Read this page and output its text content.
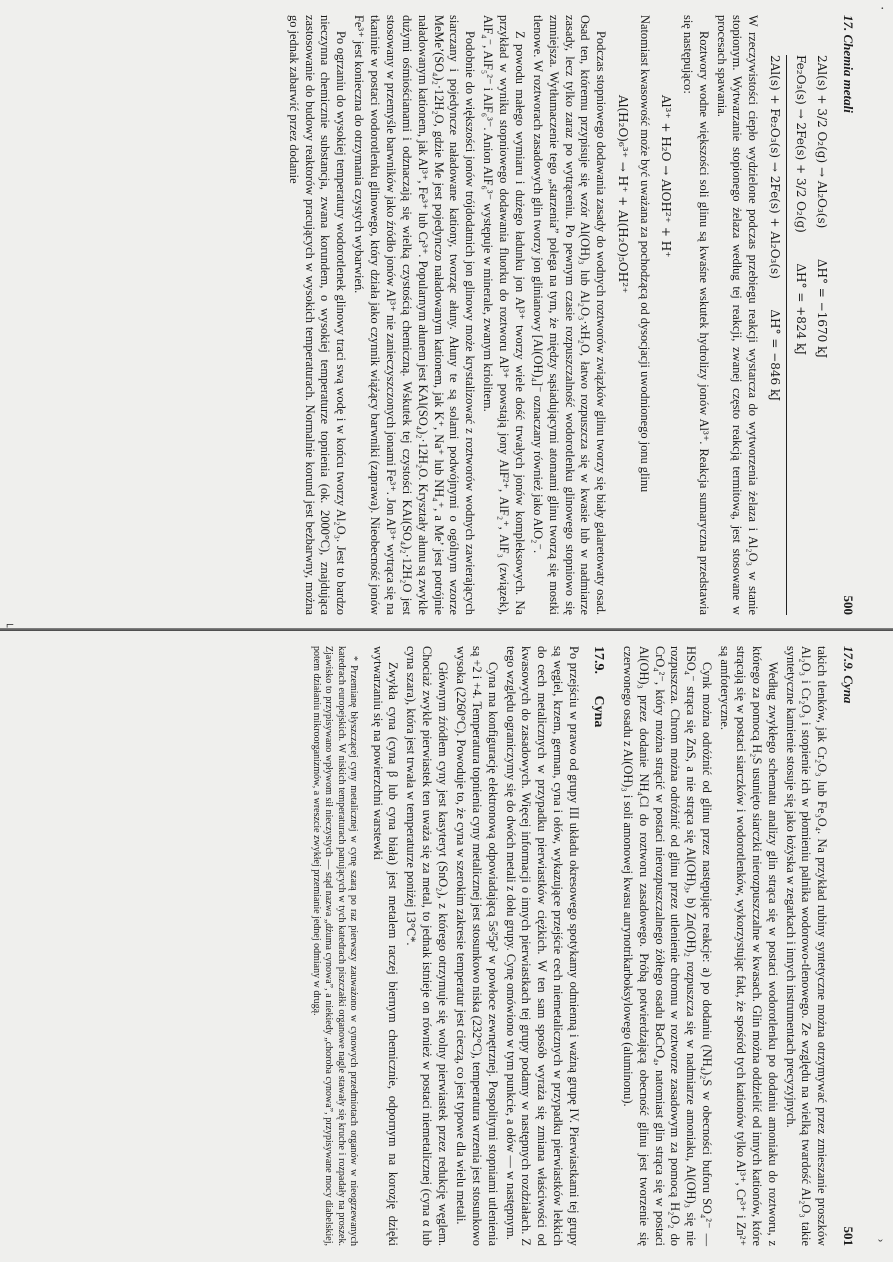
17. Chemia metali
500
2Al(s) + 3/2 O₂(g) → Al₂O₃(s)        ΔH° = −1670 kJ
Fe₂O₃(s) → 2Fe(s) + 3/2 O₂(g)        ΔH° = +824 kJ
2Al(s) + Fe₂O₃(s) → 2Fe(s) + Al₂O₃(s)        ΔH° = −846 kJ

W rzeczywistości ciepło wydzielone podczas przebiegu reakcji wystarcza do wytworzenia żelaza i Al₂O₃ w stanie stopionym. Wytwarzanie stopionego żelaza według tej reakcji, zwanej często reakcją termitową, jest stosowane w procesach spawania.

Roztwory wodne większości soli glinu są kwaśne wskutek hydrolizy jonów Al³⁺. Reakcja sumaryczna przedstawia się następująco:

Al³⁺ + H₂O → AlOH²⁺ + H⁺

Natomiast kwasowość może być uważana za pochodzącą od dysocjacji uwodnionego jonu glinu

Al(H₂O)₆³⁺ → H⁺ + Al(H₂O)₅OH²⁺

Podczas stopniowego dodawania zasady do wodnych roztworów związków glinu tworzy się biały galaretowaty osad. Osad ten, któremu przypisuje się wzór Al(OH)₃ lub Al₂O₃·xH₂O, łatwo rozpuszcza się w kwasie lub w nadmiarze zasady, lecz tylko zaraz po wytrąceniu. Po pewnym czasie rozpuszczalność wodorotlenku glinowego stopniowo się zmniejsza. Wytłumaczenie tego „starzenia” polega na tym, że między sąsiadującymi atomami glinu tworzą się mostki tlenowe. W roztworach zasadowych glin tworzy jon glinianowy [Al(OH)₄]⁻ oznaczany również jako AlO₂⁻.

Z powodu małego wymiaru i dużego ładunku jon Al³⁺ tworzy wiele dość trwałych jonów kompleksowych. Na przykład w wyniku stopniowego dodawania fluorku do roztworu Al³⁺ powstają jony AlF²⁺, AlF₂⁺, AlF₃ (związek), AlF₄⁻, AlF₅²⁻ i AlF₆³⁻. Anion AlF₆³⁻ występuje w minerale, zwanym kriolitem.

Podobnie do większości jonów trójdodatnich jon glinowy może krystalizować z roztworów wodnych zawierających siarczany i pojedyncze naładowane kationy, tworząc ałuny. Ałuny te są solami podwójnymi o ogólnym wzorze MeMe’(SO₄)₂·12H₂O, gdzie Me jest pojedynczo naładowanym kationem, jak K⁺, Na⁺ lub NH₄⁺, a Me’ jest potrójnie naładowanym kationem, jak Al³⁺, Fe³⁺ lub Cr³⁺. Popularnym ałunem jest KAl(SO₄)₂·12H₂O. Kryształy ałunu są zwykle dużymi ośmiościanami i odznaczają się wielką czystością chemiczną. Wskutek tej czystości KAl(SO₄)₂·12H₂O jest stosowany w przemyśle barwników jako źródło jonów Al³⁺ nie zanieczyszczonych jonami Fe³⁺. Jon Al³⁺ wytrąca się na tkaninie w postaci wodorotlenku glinowego, który działa jako czynnik wiążący barwniki (zaprawa). Nieobecność jonów Fe³⁺ jest konieczna do otrzymania czystych wybarwień.

Po ogrzaniu do wysokiej temperatury wodorotlenek glinowy traci swą wodę i w końcu tworzy Al₂O₃. Jest to bardzo nieczynna chemicznie substancja, zwana korundem, o wysokiej temperaturze topnienia (ok. 2000°C), znajdująca zastosowanie do budowy reaktorów pracujących w wysokich temperaturach. Normalnie korund jest bezbarwny, można go jednak zabarwić przez dodanie

⌐
17.9. Cyna
501

takich tlenków, jak Cr₂O₃ lub Fe₃O₄. Na przykład rubiny syntetyczne można otrzymywać przez zmieszanie proszków Al₂O₃ i Cr₂O₃ i stopienie ich w płomieniu palnika wodorowo-tlenowego. Ze względu na wielką twardość Al₂O₃ takie syntetyczne kamienie stosuje się jako łożyska w zegarkach i innych instrumentach precyzyjnych.

Według zwykłego schematu analizy glin strąca się w postaci wodorotlenku po dodaniu amoniaku do roztworu, z którego za pomocą H₂S usunięto siarczki nierozpuszczalne w kwasach. Glin można oddzielić od innych kationów, które strącają się w postaci siarczków i wodorotlenków, wykorzystując fakt, że spośród tych kationów tylko Al³⁺, Cr³⁺ i Zn²⁺ są amfoteryczne.

Cynk można odróżnić od glinu przez następujące reakcje: a) po dodaniu (NH₄)₂S w obecności buforu SO₄²⁻ — HSO₄⁻ strąca się ZnS, a nie strąca się Al(OH)₃, b) Zn(OH)₂ rozpuszcza się w nadmiarze amoniaku, Al(OH)₃ się nie rozpuszcza. Chrom można odróżnić od glinu przez utlenienie chromu w roztworze zasadowym za pomocą H₂O₂ do CrO₄²⁻, który można strącić w postaci nierozpuszczalnego żółtego osadu BaCrO₄, natomiast glin strąca się w postaci Al(OH)₃ przez dodanie NH₄Cl do roztworu zasadowego. Próbą potwierdzającą obecność glinu jest tworzenie się czerwonego osadu z Al(OH)₃ i soli amonowej kwasu aurynotrikarboksylowego (aluminonu).

17.9. Cyna

Po przejściu w prawo od grupy III układu okresowego spotykamy odmienną i ważną grupę IV. Pierwiastkami tej grupy są węgiel, krzem, german, cyna i ołów, wykazujące przejście cech niemetalicznych w przypadku pierwiastków lekkich do cech metalicznych w przypadku pierwiastków ciężkich. W ten sam sposób wyraża się zmiana właściwości od kwasowych do zasadowych. Więcej informacji o innych pierwiastkach tej grupy podamy w następnych rozdziałach. Z tego względu ograniczymy się do dwóch metali z dołu grupy. Cynę omówiono w tym punkcie, a ołów — w następnym.

Cyna ma konfigurację elektronową odpowiadającą 5s²5p² w powłoce zewnętrznej. Pospolitymi stopniami utlenienia są +2 i +4. Temperatura topnienia cyny metalicznej jest stosunkowo niska (232°C), temperatura wrzenia jest stosunkowo wysoka (2260°C). Powoduje to, że cyna w szerokim zakresie temperatur jest cieczą, co jest typowe dla wielu metali.

Głównym źródłem cyny jest kasyteryt (SnO₂), z którego otrzymuje się wolny pierwiastek przez redukcję węglem. Chociaż zwykle pierwiastek ten uważa się za metal, to jednak istnieje on również w postaci niemetalicznej (cyna α lub cyna szara), która jest trwała w temperaturze poniżej 13°C*.

Zwykła cyna (cyna β lub cyna biała) jest metalem raczej biernym chemicznie, odpornym na korozję dzięki wytwarzaniu się na powierzchni warstewki

* Przemianę błyszczącej cyny metalicznej w cynę szarą po raz pierwszy zauważono w cynowych przedmiotach organów w nieogrzewanych katedrach europejskich. W niskich temperaturach panujących w tych katedrach piszczałki organowe nagle stawały się kruche i rozpadały na proszek. Zjawisko to przypisywano wpływom sił nieczystych — stąd nazwa „dżuma cynowa”, a niekiedy „choroba cynowa”, przypisywane mocy diabelskiej, potem działaniu mikroorganizmów, a wreszcie zwykłej przemianie jednej odmiany w drugą.

·
ˇ
